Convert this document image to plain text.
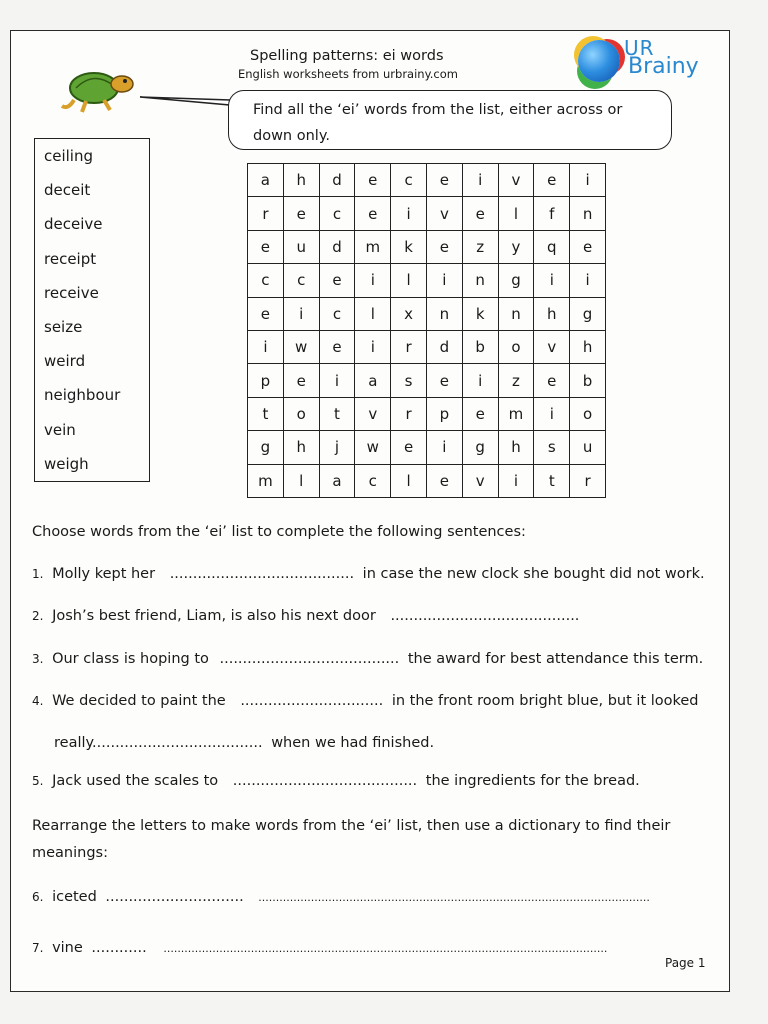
Spelling patterns: ei words
English worksheets from urbrainy.com
UR
Brainy
Find all the ‘ei’ words from the list, either across or
down only.
ceiling
deceit
deceive
receipt
receive
seize
weird
neighbour
vein
weigh
a	h	d	e	c	e	i	v	e	i
r	e	c	e	i	v	e	l	f	n
e	u	d	m	k	e	z	y	q	e
c	c	e	i	l	i	n	g	i	i
e	i	c	l	x	n	k	n	h	g
i	w	e	i	r	d	b	o	v	h
p	e	i	a	s	e	i	z	e	b
t	o	t	v	r	p	e	m	i	o
g	h	j	w	e	i	g	h	s	u
m	l	a	c	l	e	v	i	t	r
Choose words from the ‘ei’ list to complete the following sentences:
1. Molly kept her ........................................ in case the new clock she bought did not work.
2. Josh’s best friend, Liam, is also his next door .........................................
3. Our class is hoping to ....................................... the award for best attendance this term.
4. We decided to paint the ............................... in the front room bright blue, but it looked
really..................................... when we had finished.
5. Jack used the scales to ........................................ the ingredients for the bread.
Rearrange the letters to make words from the ‘ei’ list, then use a dictionary to find their
meanings:
6. iceted .............................. ................................................................................................................
7. vine ............ ...............................................................................................................................
Page 1
